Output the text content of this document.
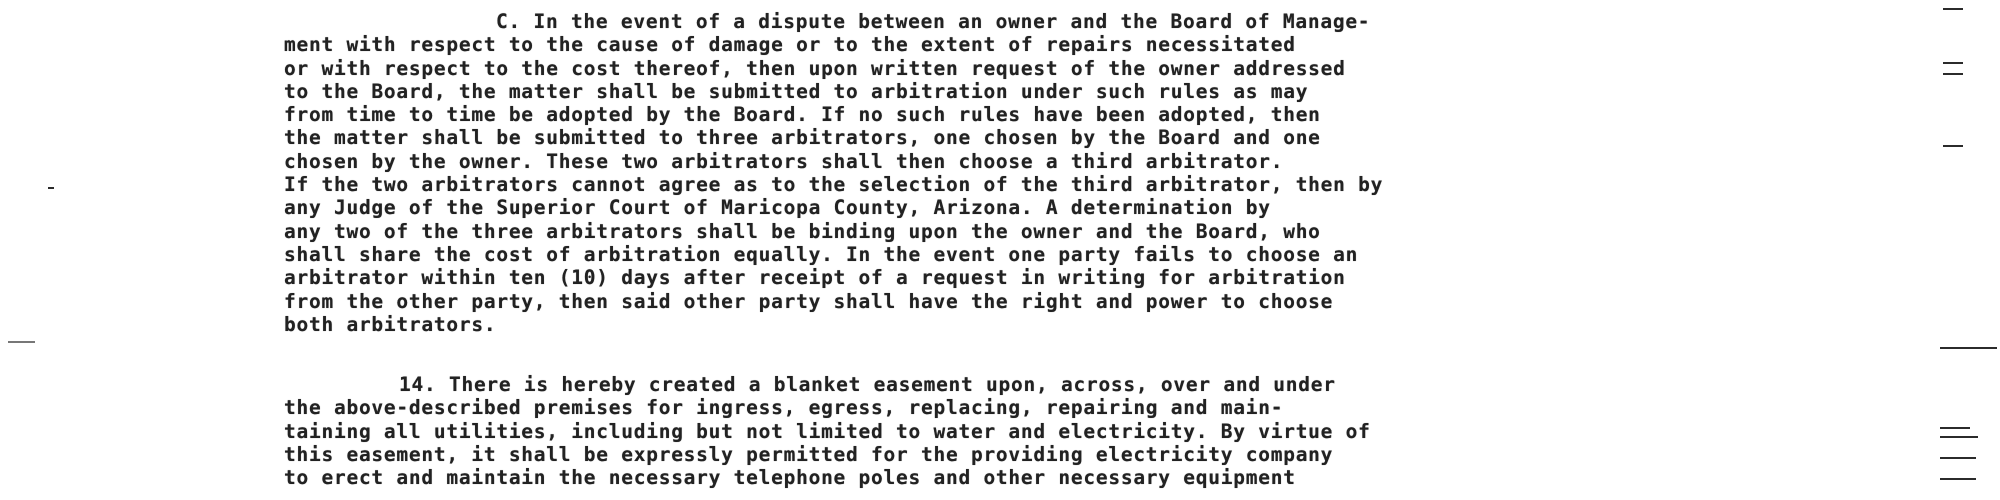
C. In the event of a dispute between an owner and the Board of Manage-
ment with respect to the cause of damage or to the extent of repairs necessitated
or with respect to the cost thereof, then upon written request of the owner addressed
to the Board, the matter shall be submitted to arbitration under such rules as may
from time to time be adopted by the Board. If no such rules have been adopted, then
the matter shall be submitted to three arbitrators, one chosen by the Board and one
chosen by the owner. These two arbitrators shall then choose a third arbitrator.
If the two arbitrators cannot agree as to the selection of the third arbitrator, then by
any Judge of the Superior Court of Maricopa County, Arizona. A determination by
any two of the three arbitrators shall be binding upon the owner and the Board, who
shall share the cost of arbitration equally. In the event one party fails to choose an
arbitrator within ten (10) days after receipt of a request in writing for arbitration
from the other party, then said other party shall have the right and power to choose
both arbitrators.
14. There is hereby created a blanket easement upon, across, over and under
the above-described premises for ingress, egress, replacing, repairing and main-
taining all utilities, including but not limited to water and electricity. By virtue of
this easement, it shall be expressly permitted for the providing electricity company
to erect and maintain the necessary telephone poles and other necessary equipment
